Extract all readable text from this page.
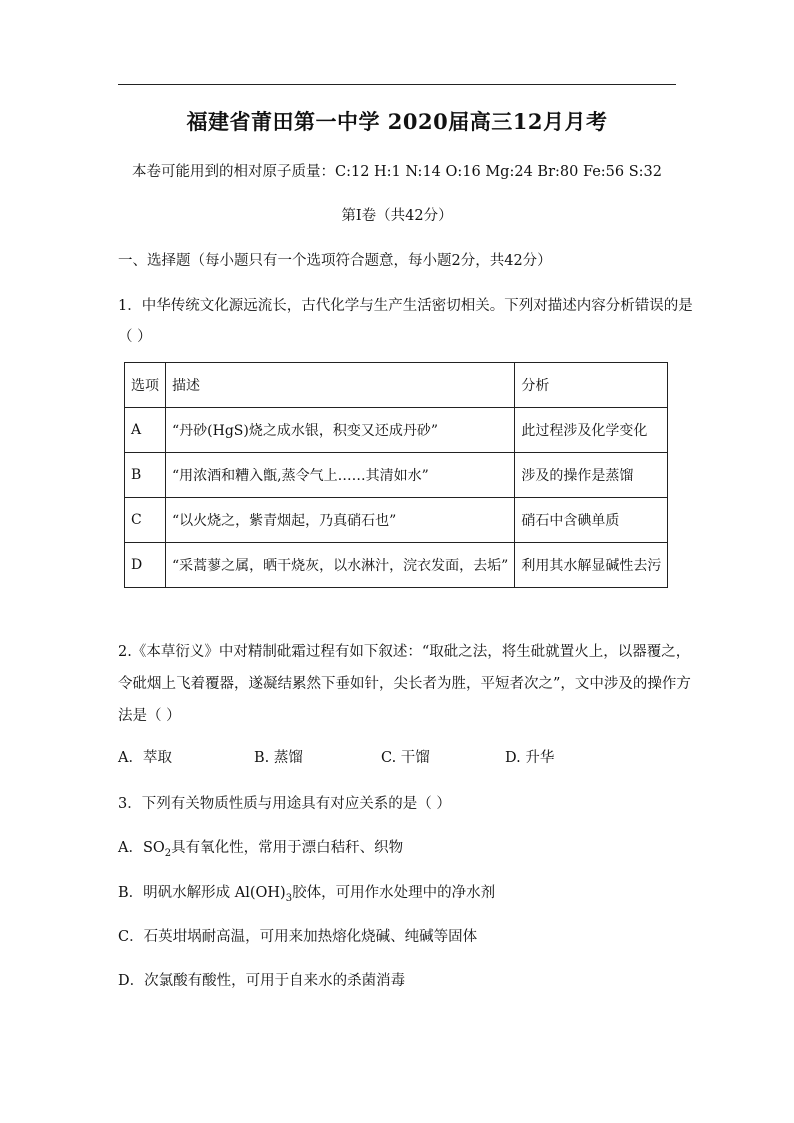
福建省莆田第一中学 2020届高三12月月考
本卷可能用到的相对原子质量：C:12 H:1 N:14 O:16 Mg:24 Br:80 Fe:56 S:32
第Ⅰ卷（共42分）
一、选择题（每小题只有一个选项符合题意，每小题2分，共42分）
1．中华传统文化源远流长，古代化学与生产生活密切相关。下列对描述内容分析错误的是
（ ）
选项	描述	分析
A	“丹砂(HgS)烧之成水银，积变又还成丹砂”	此过程涉及化学变化
B	“用浓酒和糟入甑,蒸令气上……其清如水”	涉及的操作是蒸馏
C	“以火烧之，紫青烟起，乃真硝石也”	硝石中含碘单质
D	“采蒿蓼之属，晒干烧灰，以水淋汁，浣衣发面，去垢”	利用其水解显碱性去污
2.《本草衍义》中对精制砒霜过程有如下叙述：“取砒之法，将生砒就置火上，以器覆之，
令砒烟上飞着覆器，遂凝结累然下垂如针，尖长者为胜，平短者次之”，文中涉及的操作方
法是（ ）
A．萃取	B. 蒸馏	C. 干馏	D. 升华
3．下列有关物质性质与用途具有对应关系的是（ ）
A．$SO_2$具有氧化性，常用于漂白秸秆、织物
B．明矾水解形成 $Al(OH)_3$胶体，可用作水处理中的净水剂
C．石英坩埚耐高温，可用来加热熔化烧碱、纯碱等固体
D．次氯酸有酸性，可用于自来水的杀菌消毒
